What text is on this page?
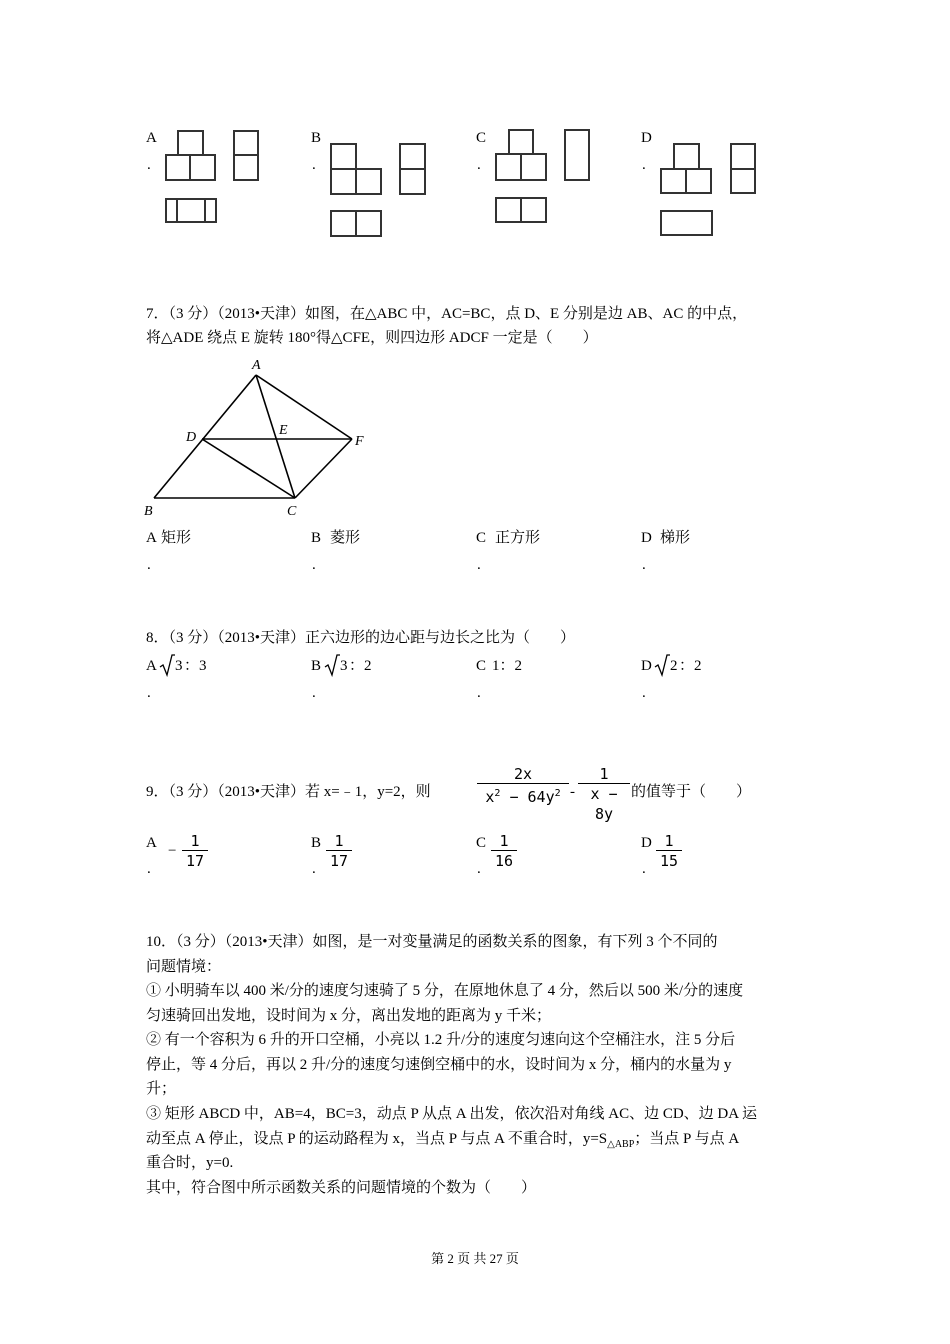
A
.
B
.
C
.
D
.
7．（3 分）（2013•天津）如图，在△ABC 中，AC=BC，点 D、E 分别是边 AB、AC 的中点，
将△ADE 绕点 E 旋转 180°得△CFE，则四边形 ADCF 一定是（　　）
A
B	C
D	E
F
A 矩形
.
B 菱形
.
C 正方形
.
D 梯形
.
8．（3 分）（2013•天津）正六边形的边心距与边长之比为（　　）
A 3 ：3
.
B 3 ：2
.
C 1：2
.
D 2 ：2
.
9．（3 分）（2013•天津）若 x=﹣1，y=2，则
2x
$x^2 - 64y^2$ -
1
x − 8y
的值等于（　　）
A
.
−
1
17
B
.
1
17
C
.
1
16
D
.
1
15
10．（3 分）（2013•天津）如图，是一对变量满足的函数关系的图象，有下列 3 个不同的
问题情境：
① 小明骑车以 400 米/分的速度匀速骑了 5 分，在原地休息了 4 分，然后以 500 米/分的速度
匀速骑回出发地，设时间为 x 分，离出发地的距离为 y 千米；
② 有一个容积为 6 升的开口空桶，小亮以 1.2 升/分的速度匀速向这个空桶注水，注 5 分后
停止，等 4 分后，再以 2 升/分的速度匀速倒空桶中的水，设时间为 x 分，桶内的水量为 y
升；
③ 矩形 ABCD 中，AB=4，BC=3，动点 P 从点 A 出发，依次沿对角线 AC、边 CD、边 DA 运
动至点 A 停止，设点 P 的运动路程为 x，当点 P 与点 A 不重合时，$y=S_{\triangle ABP}$；当点 P 与点 A
重合时，y=0.
其中，符合图中所示函数关系的问题情境的个数为（　　）
第 2 页 共 27 页
